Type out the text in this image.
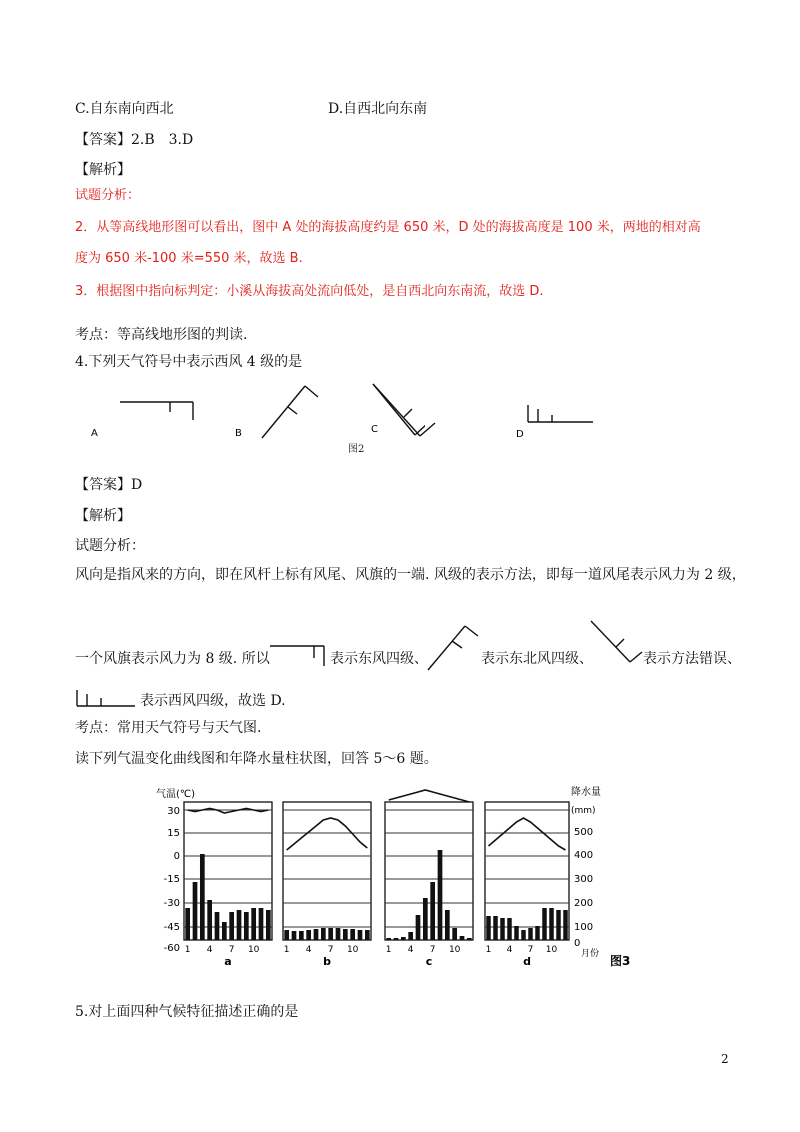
C.自东南向西北	D.自西北向东南
【答案】2.B　3.D
【解析】
试题分析：
2．从等高线地形图可以看出，图中 A 处的海拔高度约是 650 米，D 处的海拔高度是 100 米，两地的相对高
度为 650 米-100 米=550 米，故选 B.
3．根据图中指向标判定：小溪从海拔高处流向低处，是自西北向东南流，故选 D.
考点：等高线地形图的判读.
4.下列天气符号中表示西风 4 级的是
A	B	C	D
图2
【答案】D
【解析】
试题分析：
风向是指风来的方向，即在风杆上标有风尾、风旗的一端. 风级的表示方法，即每一道风尾表示风力为 2 级，
一个风旗表示风力为 8 级. 所以	表示东风四级、	表示东北风四级、	表示方法错误、
表示西风四级，故选 D.
考点：常用天气符号与天气图.
读下列气温变化曲线图和年降水量柱状图，回答 5～6 题。
气温(℃)
30
15
0
-15
-30
-45
-60
降水量
(mm)
500
400
300
200
100
0
1 4 7 10
a
1 4 7 10
b
1 4 7 10
c
1 4 7 10
d
月份 图3
5.对上面四种气候特征描述正确的是
2
